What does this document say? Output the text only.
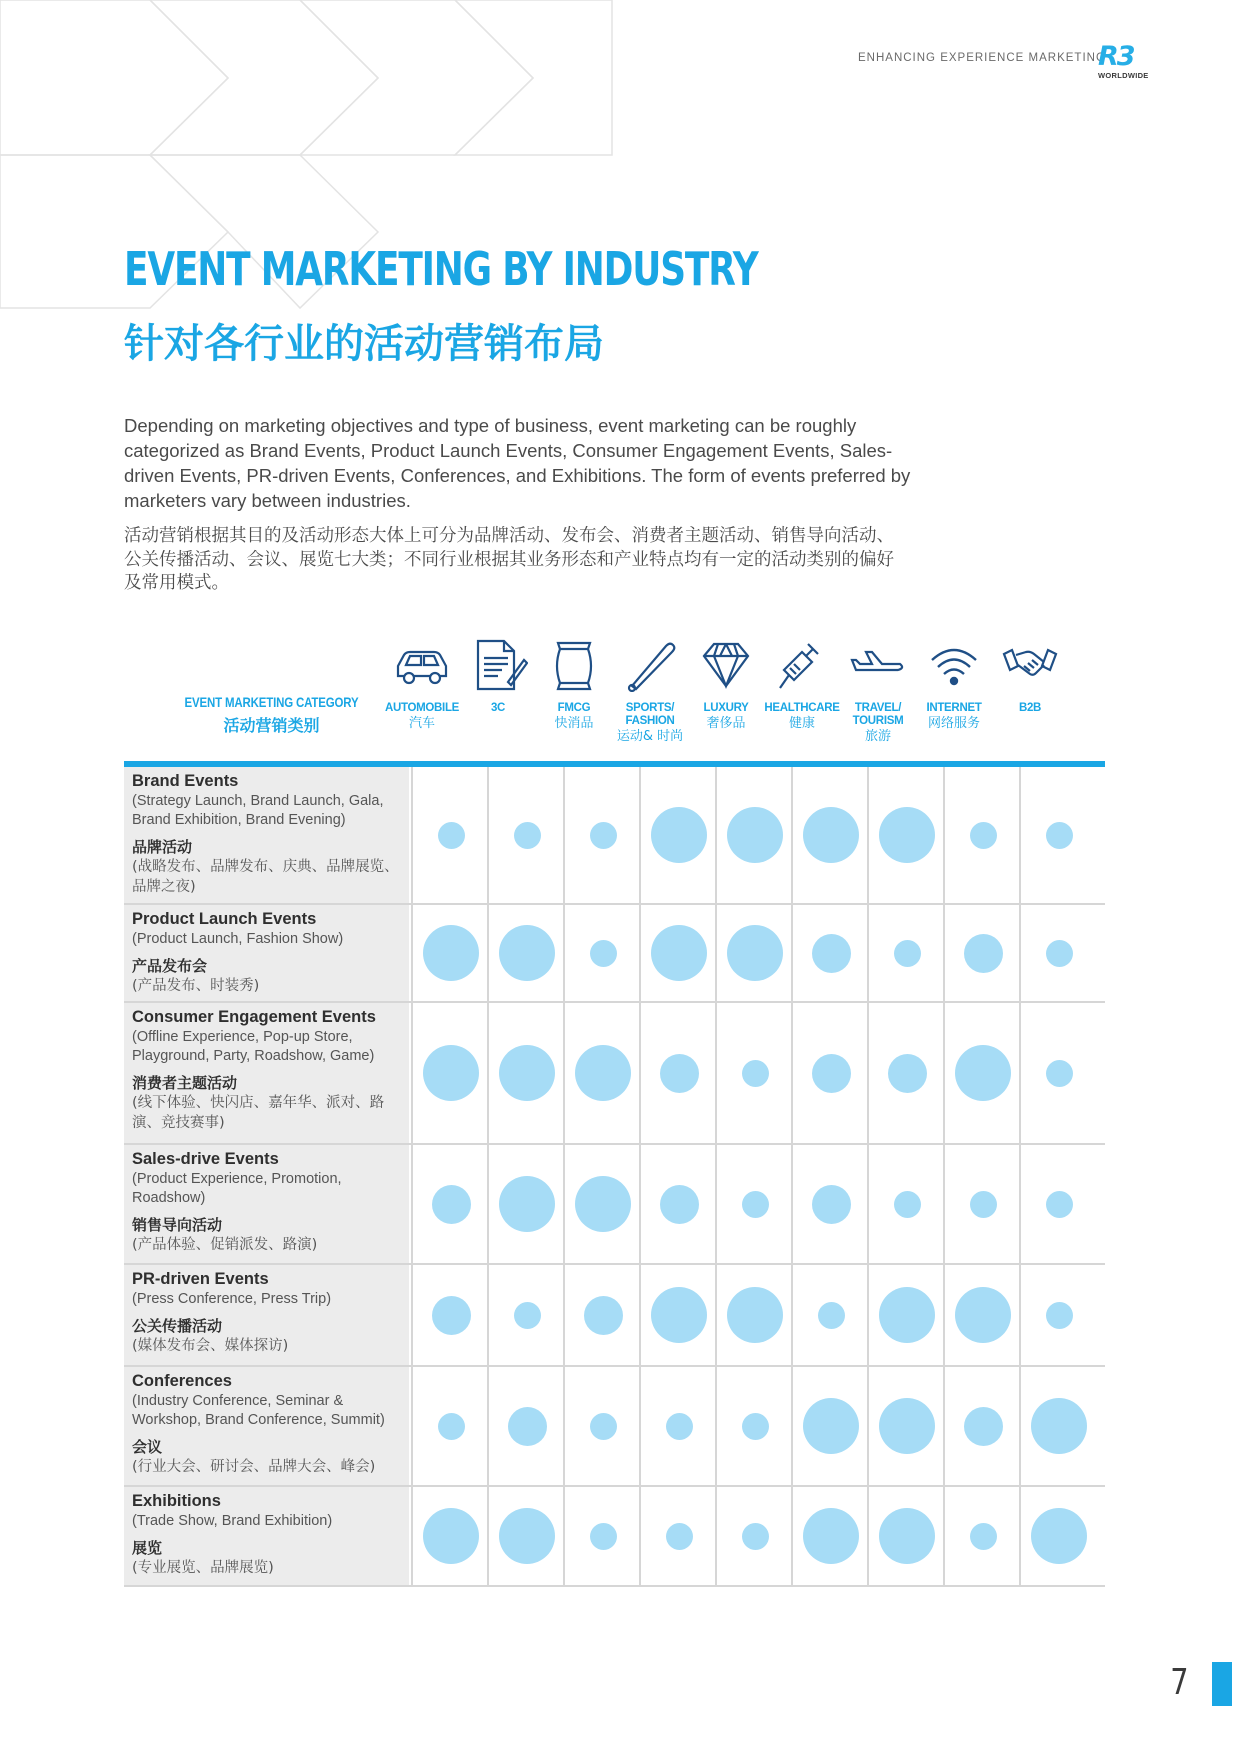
ENHANCING EXPERIENCE MARKETING
R3
WORLDWIDE
EVENT MARKETING BY INDUSTRY
针对各行业的活动营销布局
Depending on marketing objectives and type of business, event marketing can be roughly categorized as Brand Events, Product Launch Events, Consumer Engagement Events, Sales-driven Events, PR-driven Events, Conferences, and Exhibitions. The form of events preferred by marketers vary between industries.
活动营销根据其目的及活动形态大体上可分为品牌活动、发布会、消费者主题活动、销售导向活动、公关传播活动、会议、展览七大类；不同行业根据其业务形态和产业特点均有一定的活动类别的偏好及常用模式。
EVENT MARKETING CATEGORY
活动营销类别
AUTOMOBILE
汽车
3C	FMCG
快消品
SPORTS/ FASHION
运动& 时尚
LUXURY
奢侈品
HEALTHCARE
健康
TRAVEL/ TOURISM
旅游
INTERNET
网络服务
B2B
Brand Events
(Strategy Launch, Brand Launch, Gala, Brand Exhibition, Brand Evening)
品牌活动
(战略发布、品牌发布、庆典、品牌展览、品牌之夜)
Product Launch Events
(Product Launch, Fashion Show)
产品发布会
(产品发布、时装秀)
Consumer Engagement Events
(Offline Experience, Pop-up Store, Playground, Party, Roadshow, Game)
消费者主题活动
(线下体验、快闪店、嘉年华、派对、路演、竞技赛事)
Sales-drive Events
(Product Experience, Promotion, Roadshow)
销售导向活动
(产品体验、促销派发、路演)
PR-driven Events
(Press Conference, Press Trip)
公关传播活动
(媒体发布会、媒体探访)
Conferences
(Industry Conference, Seminar & Workshop, Brand Conference, Summit)
会议
(行业大会、研讨会、品牌大会、峰会)
Exhibitions
(Trade Show, Brand Exhibition)
展览
(专业展览、品牌展览)
7
